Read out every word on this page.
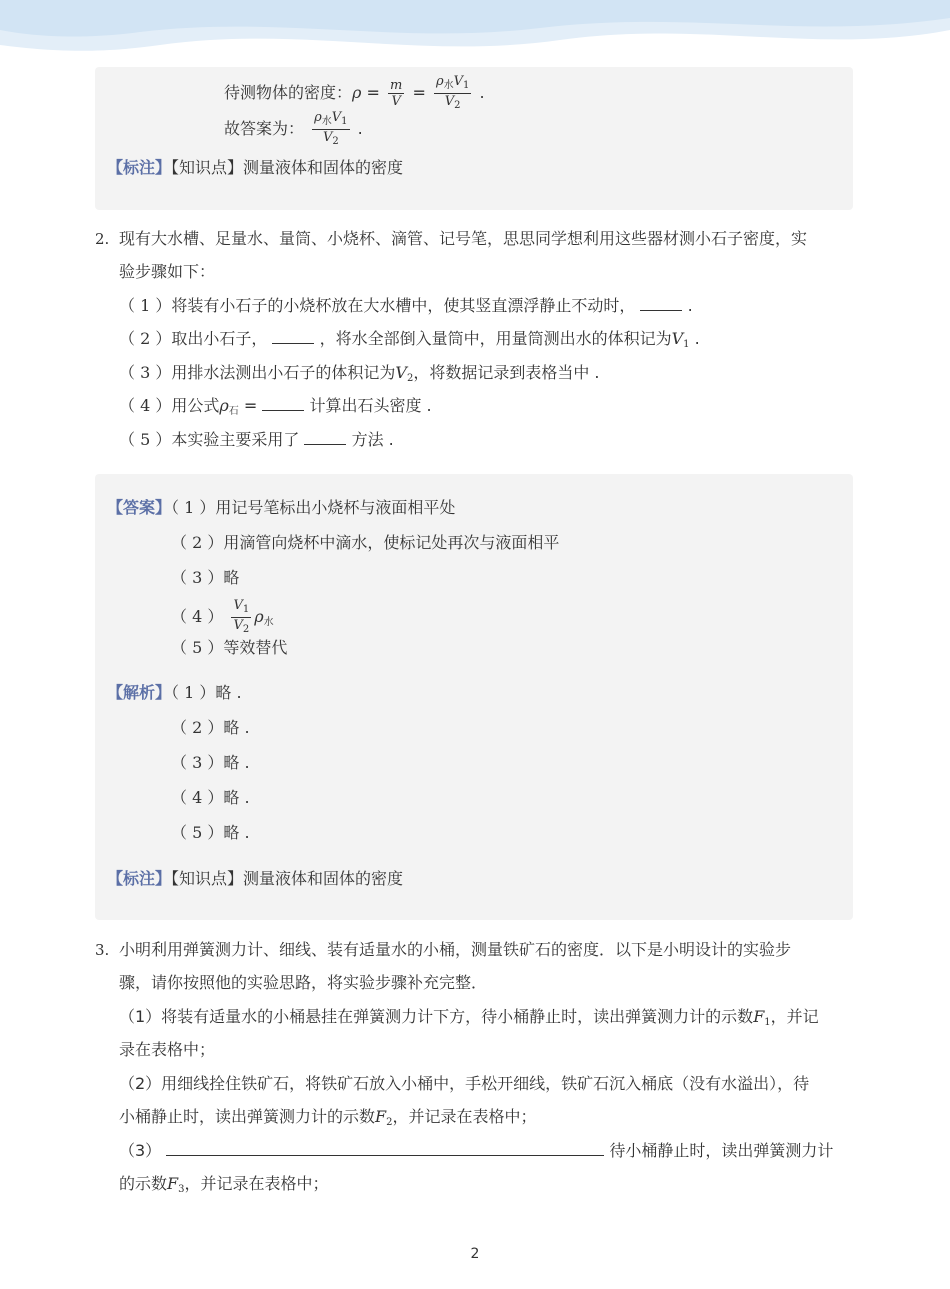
待测物体的密度：$\rho = \frac{m}{V} = \frac{\rho_水V_1}{V_2}$ .
故答案为： $\frac{\rho_水V_1}{V_2}$ .
【标注】【知识点】测量液体和固体的密度
2. 现有大水槽、足量水、量筒、小烧杯、滴管、记号笔，思思同学想利用这些器材测小石子密度，实
验步骤如下：
（ 1 ）将装有小石子的小烧杯放在大水槽中，使其竖直漂浮静止不动时，	.
（ 2 ）取出小石子，	，将水全部倒入量筒中，用量筒测出水的体积记为$V_1$ .
（ 3 ）用排水法测出小石子的体积记为$V_2$，将数据记录到表格当中 .
（ 4 ）用公式$\rho_石$ =	计算出石头密度 .
（ 5 ）本实验主要采用了	方法 .
【答案】（ 1 ）用记号笔标出小烧杯与液面相平处
（ 2 ）用滴管向烧杯中滴水，使标记处再次与液面相平
（ 3 ）略
（ 4 ） $\frac{V_1}{V_2} \rho_水$
（ 5 ）等效替代
【解析】（ 1 ）略 .
（ 2 ）略 .
（ 3 ）略 .
（ 4 ）略 .
（ 5 ）略 .
【标注】【知识点】测量液体和固体的密度
3. 小明利用弹簧测力计、细线、装有适量水的小桶，测量铁矿石的密度．以下是小明设计的实验步
骤，请你按照他的实验思路，将实验步骤补充完整．
（1）将装有适量水的小桶悬挂在弹簧测力计下方，待小桶静止时，读出弹簧测力计的示数$F_1$，并记
录在表格中；
（2）用细线拴住铁矿石，将铁矿石放入小桶中，手松开细线，铁矿石沉入桶底（没有水溢出），待
小桶静止时，读出弹簧测力计的示数$F_2$，并记录在表格中；
（3）	待小桶静止时，读出弹簧测力计
的示数$F_3$，并记录在表格中；
2
